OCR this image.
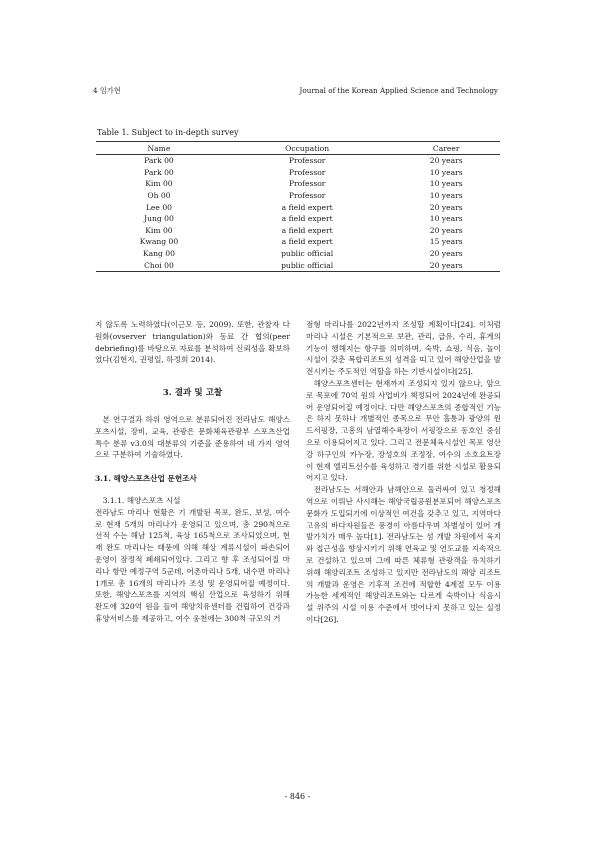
4 임가현	Journal of the Korean Applied Science and Technology
Table 1. Subject to in-depth survey
Name	Occupation	Career
Park 00	Professor	20 years
Park 00	Professor	10 years
Kim 00	Professor	10 years
Oh 00	Professor	10 years
Lee 00	a field expert	20 years
Jung 00	a field expert	10 years
Kim 00	a field expert	20 years
Kwang 00	a field expert	15 years
Kang 00	public official	20 years
Choi 00	public official	20 years

지 않도록 노력하였다(이근모 등, 2009). 또한, 관찰자 다원화(ovserver triangulation)와 동료 간 협의(peer debriefing)를 바탕으로 자료를 분석하여 신뢰성을 확보하였다(김현지, 권평일, 하정희 2014).

3. 결과 및 고찰

본 연구결과 하위 영역으로 분류되어진 전라남도 해양스포츠시설, 장비, 교육, 관광은 문화체육관광부 스포츠산업 특수 분류 v3.0의 대분류의 기준을 준용하여 네 가지 영역으로 구분하여 기술하였다.

3.1. 해양스포츠산업 문헌조사
3.1.1. 해양스포츠 시설

전라남도 마리나 현황은 기 개발된 목포, 완도, 보성, 여수로 현재 5개의 마리나가 운영되고 있으며, 총 290척으로 선적 수는 해남 125척, 육상 165척으로 조사되었으며, 현재 완도 마리나는 태풍에 의해 해상 계류시설이 파손되어 운영이 잠정적 폐쇄되어있다. 그리고 향 후 조성되어질 마리나 항만 예정구역 5군데, 어촌마리나 5개, 내수면 마리나 1개로 총 16개의 마리나가 조성 및 운영되어질 예정이다. 또한, 해양스포츠를 지역의 핵심 산업으로 육성하기 위해 완도에 320억 원을 들여 해양치유센터를 건립하여 건강과 휴양서비스를 제공하고, 여수 웅천에는 300척 규모의 거

점형 마리나를 2022년까지 조성할 계획이다[24]. 이처럼 마리나 시설은 기본적으로 보관, 관리, 급유, 수리, 휴게의 기능이 행해지는 항구를 의미하며, 숙박, 쇼핑, 식음, 놀이시설이 갖춘 복합리조트의 성격을 띠고 있어 해양산업을 발전시키는 주도적인 역할을 하는 기반시설이다[25].

해양스포츠센터는 현재까지 조성되지 있지 않으나, 앞으로 목포에 70억 원의 사업비가 책정되어 2024년에 완공되어 운영되어질 예정이다. 다만 해양스포츠의 종합적인 기능은 하지 못하나 개별적인 종목으로 무안 홀통과 광양의 윈드서핑장, 고흥의 남열해수욕장이 서핑장으로 동호인 중심으로 이용되어지고 있다. 그리고 전문체육시설인 목포 영산강 하구인의 카누장, 장성호의 조정장, 여수의 소호요트장이 현재 엘리트선수를 육성하고 경기를 위한 시설로 활용되어지고 있다.

전라남도는 서해안과 남해안으로 둘러싸여 있고 청정해역으로 이뤄난 사시해는 해양국립공원분포되어 해양스포츠 문화가 도입되기에 이상적인 여건을 갖추고 있고, 지역마다 고유의 바다자원들은 풍경이 아름다우며 차별성이 있어 개발가치가 매우 높다[1]. 전라남도는 섬 개발 차원에서 육지와 접근성을 향상시키기 위해 연육교 및 연도교를 지속적으로 건설하고 있으며 그에 따른 체류형 관광객을 유치하기 위해 해양리조트 조성하고 있지만 전라남도의 해양 리조트의 개발과 운영은 기후적 조건에 적합한 4계절 모두 이용 가능한 세계적인 해양리조트와는 다르게 숙박이나 식음시설 위주의 시설 이용 수준에서 벗어나지 못하고 있는 실정이다[26].

- 846 -
